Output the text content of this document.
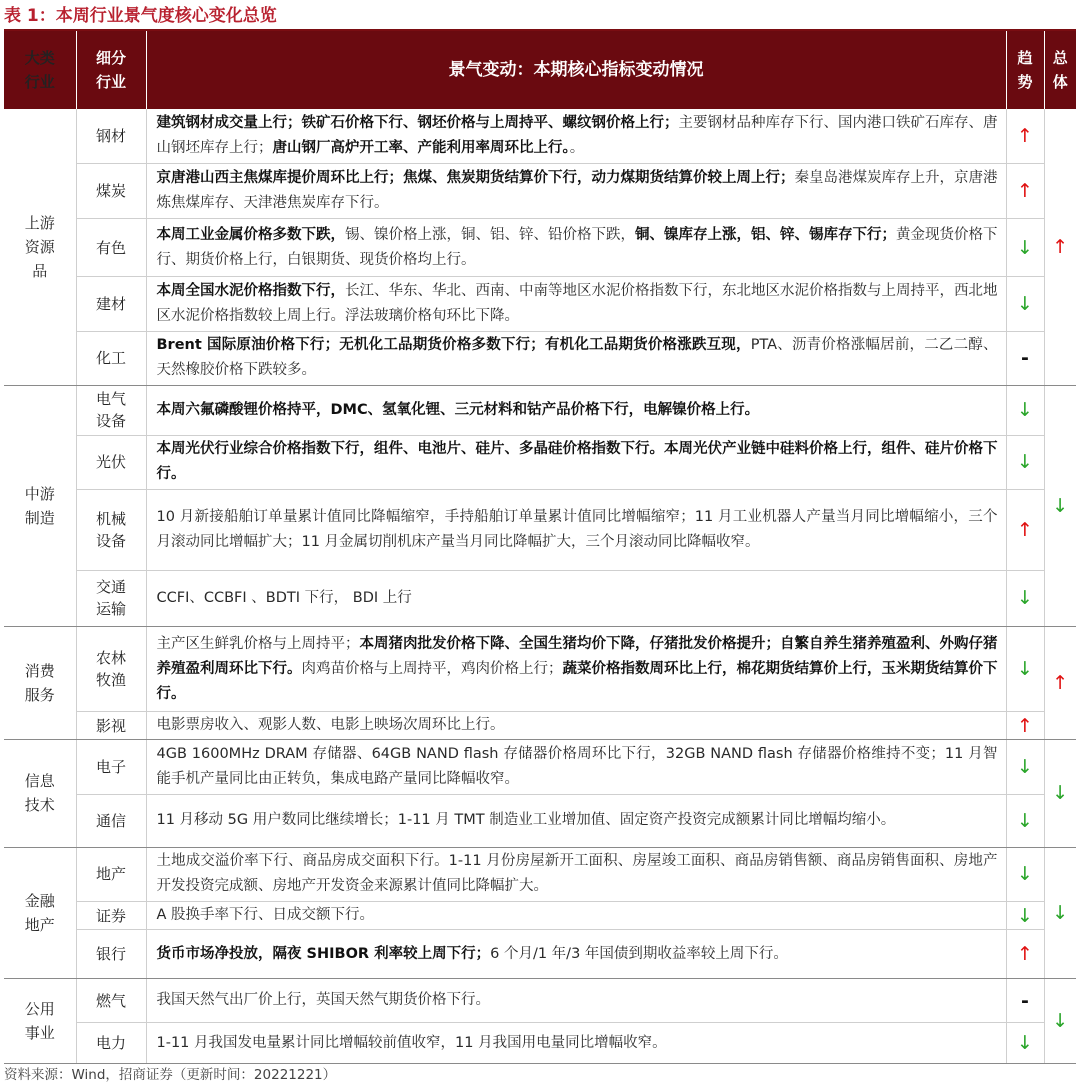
表 1：本周行业景气度核心变化总览
大类行业	细分行业	景气变动：本期核心指标变动情况	趋势	总体
上游资源品	钢材	建筑钢材成交量上行；铁矿石价格下行、钢坯价格与上周持平、螺纹钢价格上行；主要钢材品种库存下行、国内港口铁矿石库存、唐山钢坯库存上行；唐山钢厂高炉开工率、产能利用率周环比上行。。	↑	↑
	煤炭	京唐港山西主焦煤库提价周环比上行；焦煤、焦炭期货结算价下行，动力煤期货结算价较上周上行；秦皇岛港煤炭库存上升，京唐港炼焦煤库存、天津港焦炭库存下行。	↑	
	有色	本周工业金属价格多数下跌，锡、镍价格上涨，铜、铝、锌、铅价格下跌，铜、镍库存上涨，铝、锌、锡库存下行；黄金现货价格下行、期货价格上行，白银期货、现货价格均上行。	↓	
	建材	本周全国水泥价格指数下行，长江、华东、华北、西南、中南等地区水泥价格指数下行，东北地区水泥价格指数与上周持平，西北地区水泥价格指数较上周上行。浮法玻璃价格旬环比下降。	↓	
	化工	Brent 国际原油价格下行；无机化工品期货价格多数下行；有机化工品期货价格涨跌互现，PTA、沥青价格涨幅居前，二乙二醇、天然橡胶价格下跌较多。	-	
中游制造	电气设备	本周六氟磷酸锂价格持平，DMC、氢氧化锂、三元材料和钴产品价格下行，电解镍价格上行。	↓	↓
	光伏	本周光伏行业综合价格指数下行，组件、电池片、硅片、多晶硅价格指数下行。本周光伏产业链中硅料价格上行，组件、硅片价格下行。	↓	
	机械设备	10 月新接船舶订单量累计值同比降幅缩窄，手持船舶订单量累计值同比增幅缩窄；11 月工业机器人产量当月同比增幅缩小，三个月滚动同比增幅扩大；11 月金属切削机床产量当月同比降幅扩大，三个月滚动同比降幅收窄。	↑	
	交通运输	CCFI、CCBFI 、BDTI 下行， BDI 上行	↓	
消费服务	农林牧渔	主产区生鲜乳价格与上周持平；本周猪肉批发价格下降、全国生猪均价下降，仔猪批发价格提升；自繁自养生猪养殖盈利、外购仔猪养殖盈利周环比下行。肉鸡苗价格与上周持平，鸡肉价格上行；蔬菜价格指数周环比上行，棉花期货结算价上行，玉米期货结算价下行。	↓	↑
	影视	电影票房收入、观影人数、电影上映场次周环比上行。	↑	
信息技术	电子	4GB 1600MHz DRAM 存储器、64GB NAND flash 存储器价格周环比下行，32GB NAND flash 存储器价格维持不变；11 月智能手机产量同比由正转负，集成电路产量同比降幅收窄。	↓	↓
	通信	11 月移动 5G 用户数同比继续增长；1-11 月 TMT 制造业工业增加值、固定资产投资完成额累计同比增幅均缩小。	↓	
金融地产	地产	土地成交溢价率下行、商品房成交面积下行。1-11 月份房屋新开工面积、房屋竣工面积、商品房销售额、商品房销售面积、房地产开发投资完成额、房地产开发资金来源累计值同比降幅扩大。	↓	↓
	证券	A 股换手率下行、日成交额下行。	↓	
	银行	货币市场净投放，隔夜 SHIBOR 利率较上周下行；6 个月/1 年/3 年国债到期收益率较上周下行。	↑	
公用事业	燃气	我国天然气出厂价上行，英国天然气期货价格下行。	-	↓
	电力	1-11 月我国发电量累计同比增幅较前值收窄，11 月我国用电量同比增幅收窄。	↓	
资料来源：Wind，招商证券（更新时间：20221221）
